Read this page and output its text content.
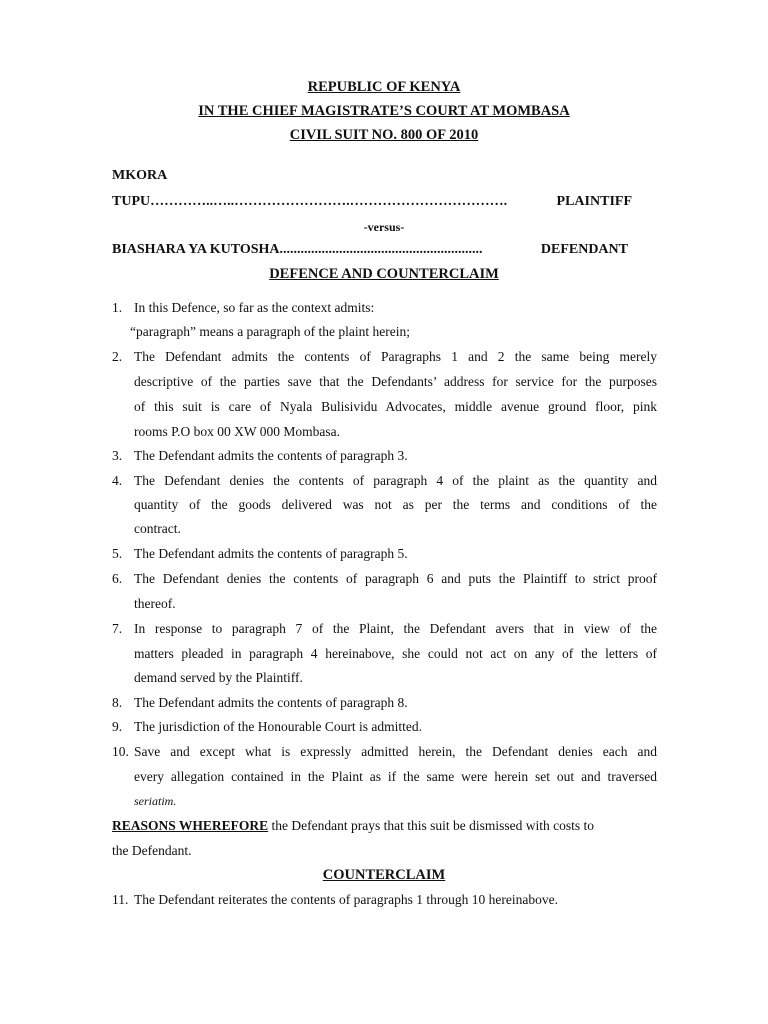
REPUBLIC OF KENYA
IN THE CHIEF MAGISTRATE’S COURT AT MOMBASA
CIVIL SUIT NO. 800 OF 2010
MKORA
TUPU …………..…..…………………….…………………………….	PLAINTIFF
-versus-
BIASHARA YA KUTOSHA ..........................................................	DEFENDANT
DEFENCE AND COUNTERCLAIM
1. In this Defence, so far as the context admits:
“paragraph” means a paragraph of the plaint herein;
2. The Defendant admits the contents of Paragraphs 1 and 2 the same being merely
descriptive of the parties save that the Defendants’ address for service for the purposes
of this suit is care of Nyala Bulisividu Advocates, middle avenue ground floor, pink
rooms P.O box 00 XW 000 Mombasa.
3. The Defendant admits the contents of paragraph 3.
4. The Defendant denies the contents of paragraph 4 of the plaint as the quantity and
quantity of the goods delivered was not as per the terms and conditions of the
contract.
5. The Defendant admits the contents of paragraph 5.
6. The Defendant denies the contents of paragraph 6 and puts the Plaintiff to strict proof
thereof.
7. In response to paragraph 7 of the Plaint, the Defendant avers that in view of the
matters pleaded in paragraph 4 hereinabove, she could not act on any of the letters of
demand served by the Plaintiff.
8. The Defendant admits the contents of paragraph 8.
9. The jurisdiction of the Honourable Court is admitted.
10. Save and except what is expressly admitted herein, the Defendant denies each and
every allegation contained in the Plaint as if the same were herein set out and traversed
seriatim.
REASONS WHEREFORE the Defendant prays that this suit be dismissed with costs to
the Defendant.
COUNTERCLAIM
11. The Defendant reiterates the contents of paragraphs 1 through 10 hereinabove.
